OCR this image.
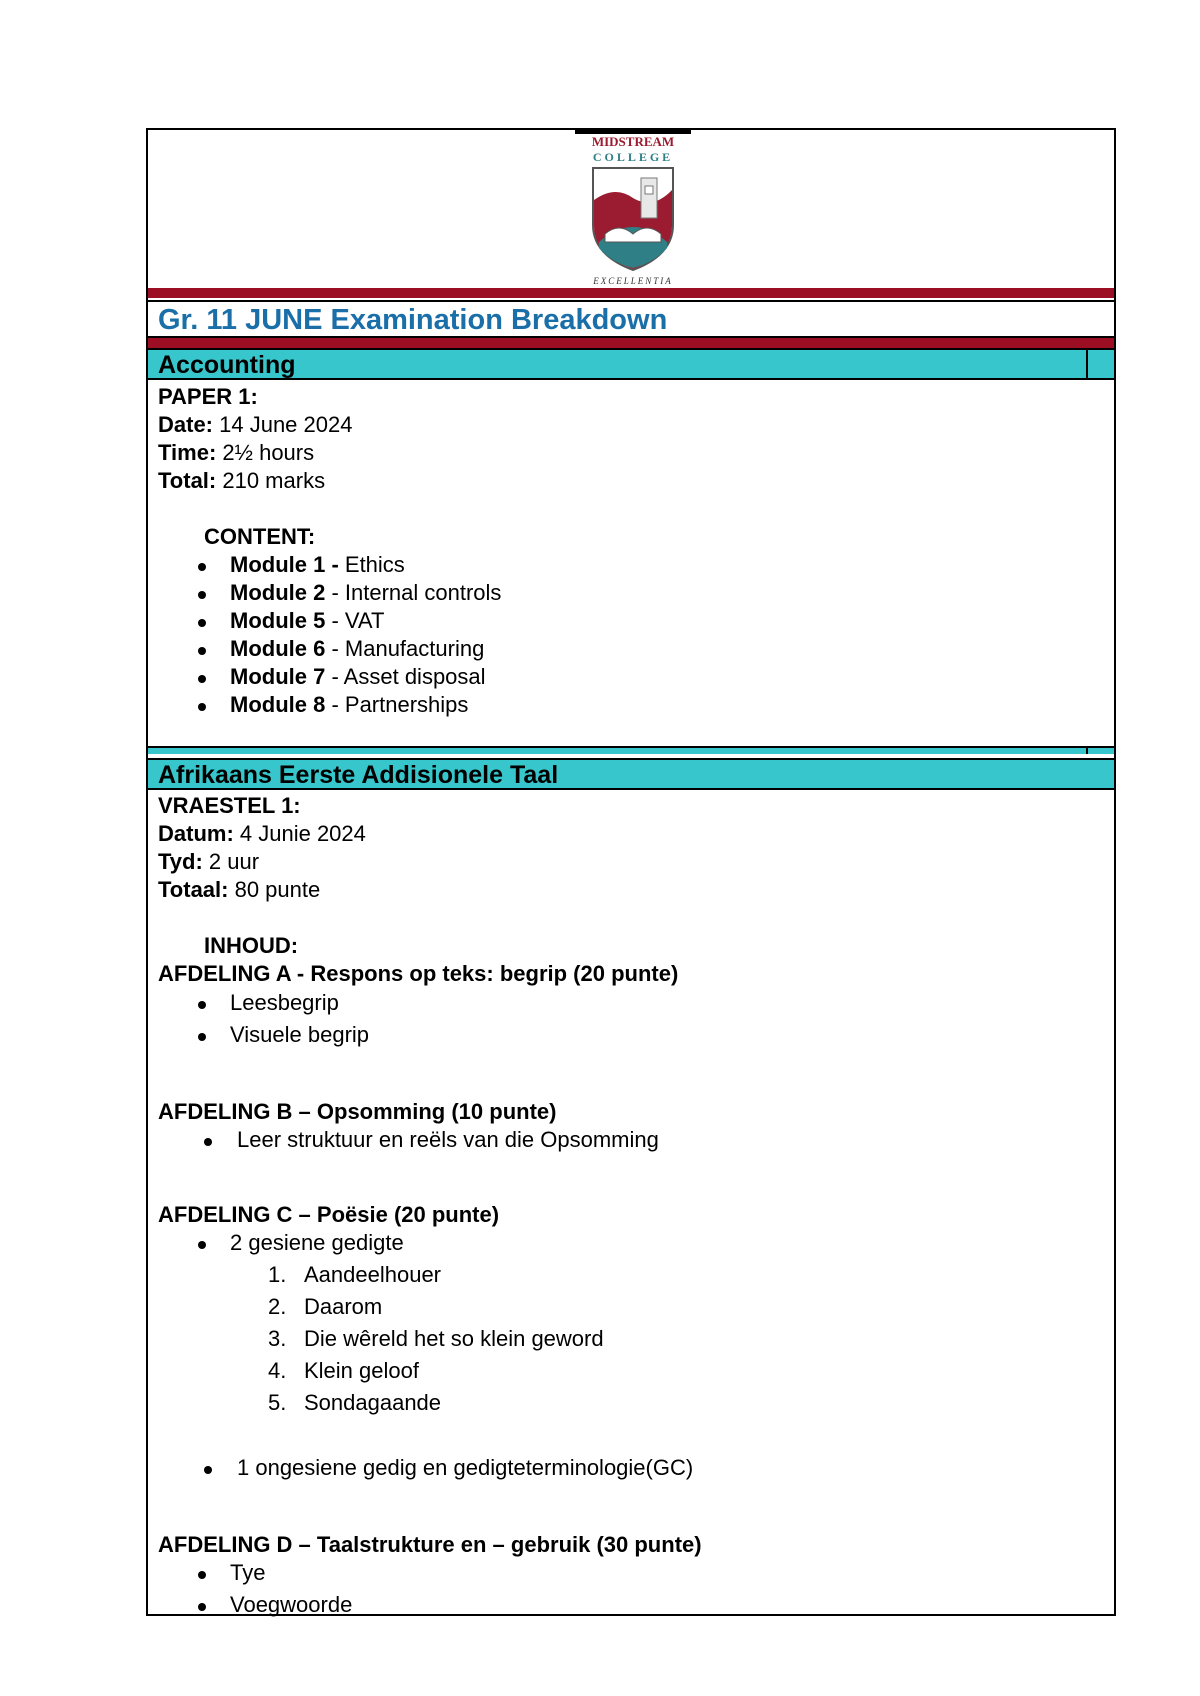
MIDSTREAM
COLLEGE
EXCELLENTIA
Gr. 11 JUNE Examination Breakdown
Accounting
PAPER 1:
Date: 14 June 2024
Time: 2½ hours
Total: 210 marks
CONTENT:
Module 1 - Ethics
Module 2 - Internal controls
Module 5 - VAT
Module 6 - Manufacturing
Module 7 - Asset disposal
Module 8 - Partnerships
Afrikaans Eerste Addisionele Taal
VRAESTEL 1:
Datum: 4 Junie 2024
Tyd: 2 uur
Totaal: 80 punte
INHOUD:
AFDELING A - Respons op teks: begrip (20 punte)
Leesbegrip
Visuele begrip
AFDELING B – Opsomming (10 punte)
Leer struktuur en reëls van die Opsomming
AFDELING C – Poësie (20 punte)
2 gesiene gedigte
1. Aandeelhouer
2. Daarom
3. Die wêreld het so klein geword
4. Klein geloof
5. Sondagaande
1 ongesiene gedig en gedigteterminologie(GC)
AFDELING D – Taalstrukture en – gebruik (30 punte)
Tye
Voegwoorde
